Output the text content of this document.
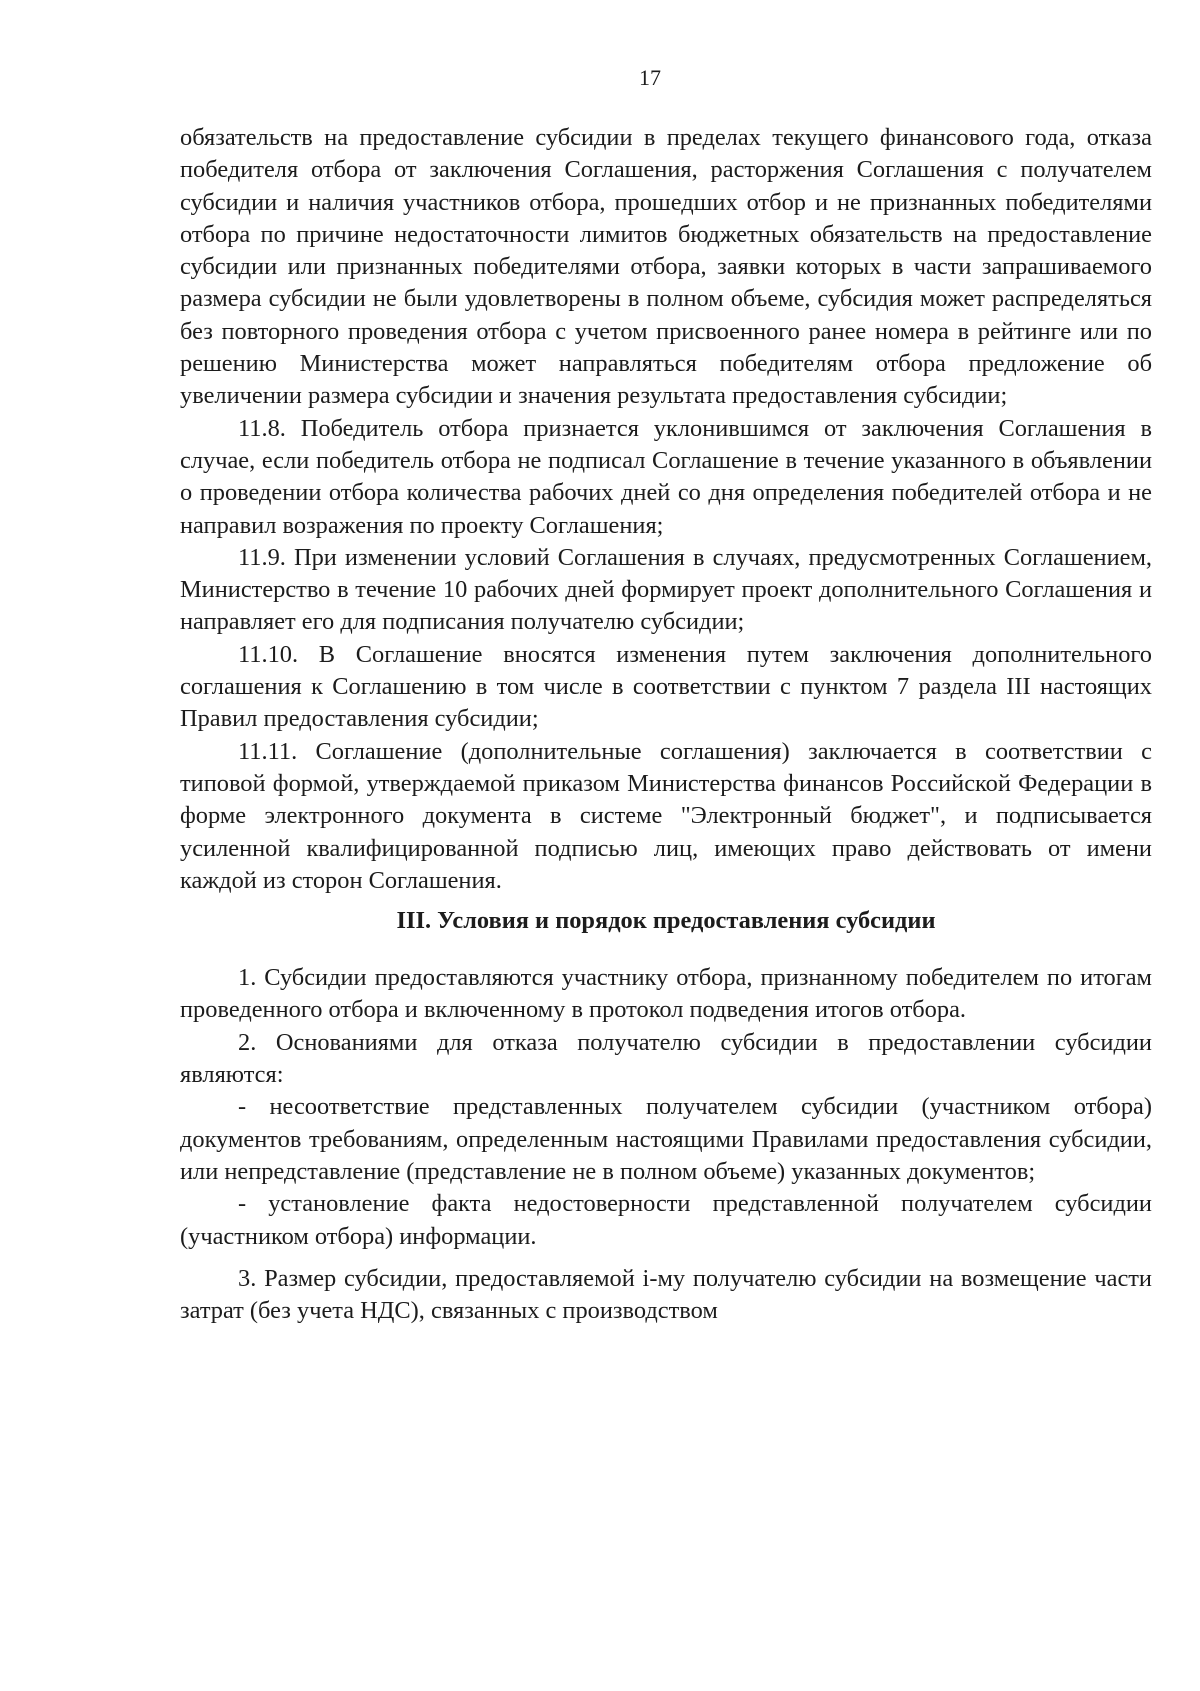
17

обязательств на предоставление субсидии в пределах текущего финансового года, отказа победителя отбора от заключения Соглашения, расторжения Соглашения с получателем субсидии и наличия участников отбора, прошедших отбор и не признанных победителями отбора по причине недостаточности лимитов бюджетных обязательств на предоставление субсидии или признанных победителями отбора, заявки которых в части запрашиваемого размера субсидии не были удовлетворены в полном объеме, субсидия может распределяться без повторного проведения отбора с учетом присвоенного ранее номера в рейтинге или по решению Министерства может направляться победителям отбора предложение об увеличении размера субсидии и значения результата предоставления субсидии;

11.8. Победитель отбора признается уклонившимся от заключения Соглашения в случае, если победитель отбора не подписал Соглашение в течение указанного в объявлении о проведении отбора количества рабочих дней со дня определения победителей отбора и не направил возражения по проекту Соглашения;

11.9. При изменении условий Соглашения в случаях, предусмотренных Соглашением, Министерство в течение 10 рабочих дней формирует проект дополнительного Соглашения и направляет его для подписания получателю субсидии;

11.10. В Соглашение вносятся изменения путем заключения дополнительного соглашения к Соглашению в том числе в соответствии с пунктом 7 раздела III настоящих Правил предоставления субсидии;

11.11. Соглашение (дополнительные соглашения) заключается в соответствии с типовой формой, утверждаемой приказом Министерства финансов Российской Федерации в форме электронного документа в системе "Электронный бюджет", и подписывается усиленной квалифицированной подписью лиц, имеющих право действовать от имени каждой из сторон Соглашения.

III. Условия и порядок предоставления субсидии

1. Субсидии предоставляются участнику отбора, признанному победителем по итогам проведенного отбора и включенному в протокол подведения итогов отбора.

2. Основаниями для отказа получателю субсидии в предоставлении субсидии являются:

- несоответствие представленных получателем субсидии (участником отбора) документов требованиям, определенным настоящими Правилами предоставления субсидии, или непредставление (представление не в полном объеме) указанных документов;

- установление факта недостоверности представленной получателем субсидии (участником отбора) информации.

3. Размер субсидии, предоставляемой i-му получателю субсидии на возмещение части затрат (без учета НДС), связанных с производством
